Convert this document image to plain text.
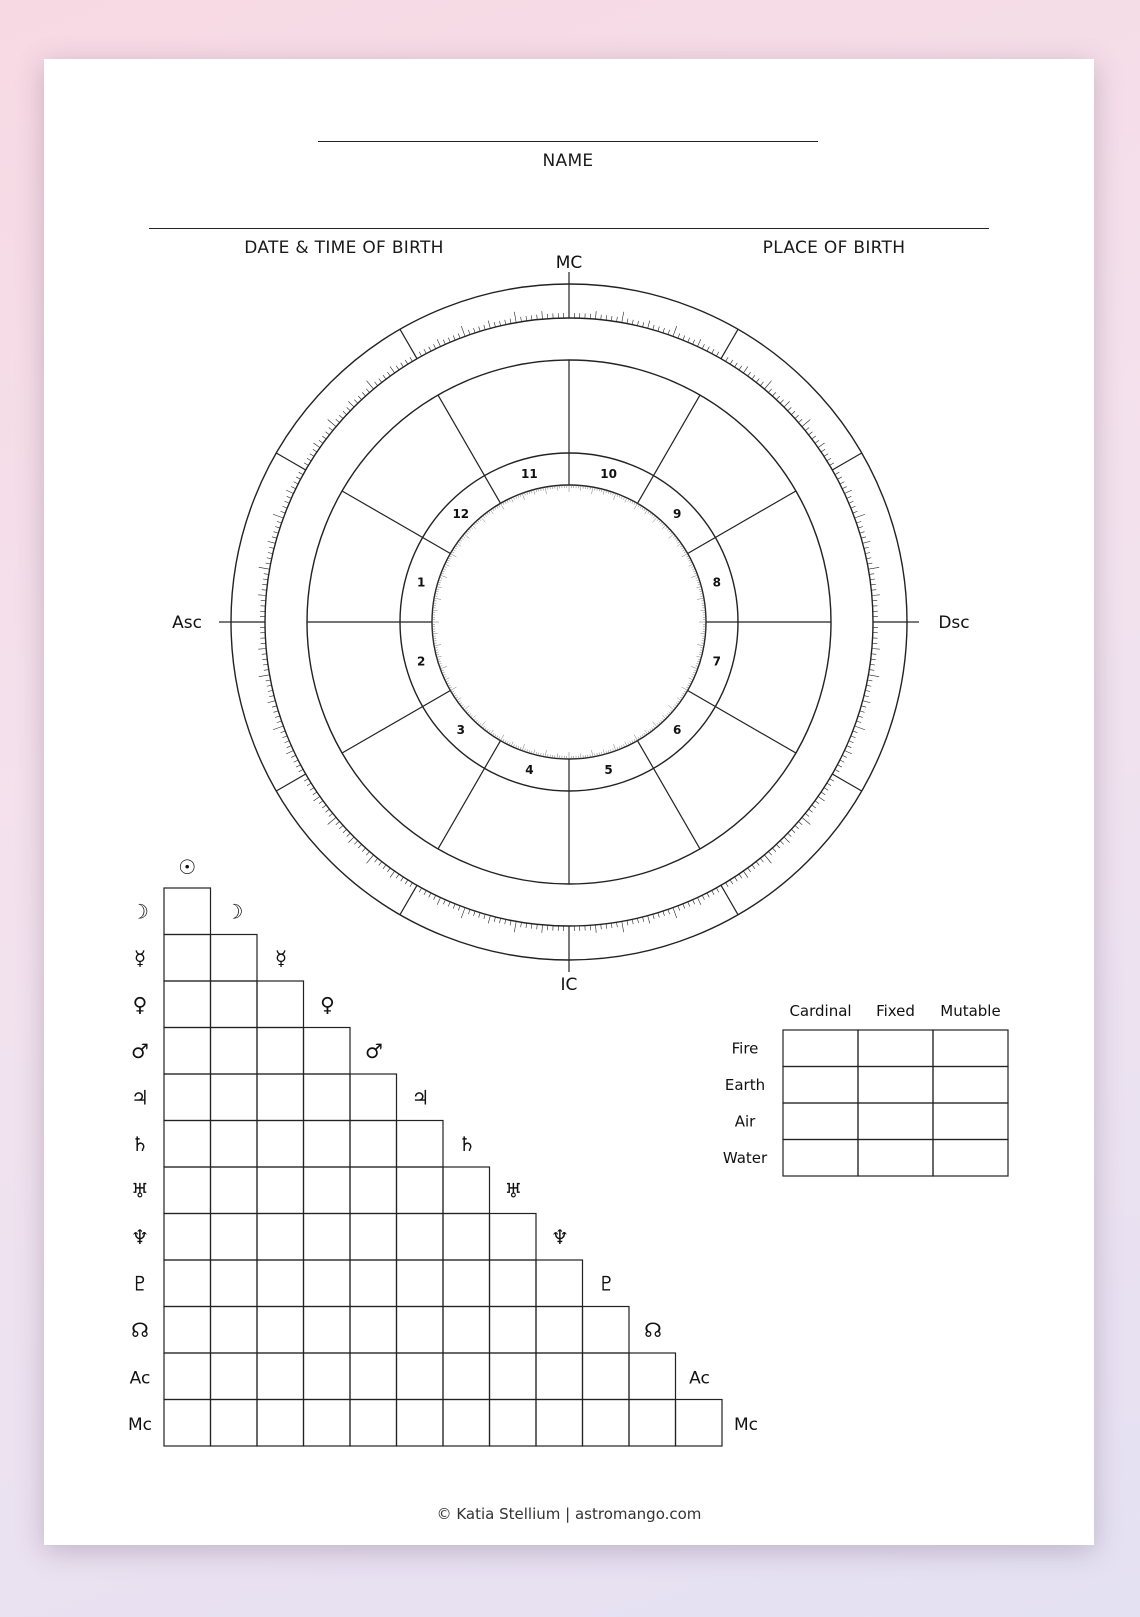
NAME
DATE & TIME OF BIRTH	PLACE OF BIRTH
1
2
3
4	5
6
7
8
9
10
11
12
MC
IC
Asc	Dsc
☉
☽	☽
☿	☿
♀	♀
♂	♂
♃	♃
♄	♄
♅	♅
♆	♆
♇	♇
☊	☊
Ac	Ac
Mc	Mc
Cardinal Fixed Mutable
Fire
Earth
Air
Water
© Katia Stellium | astromango.com
